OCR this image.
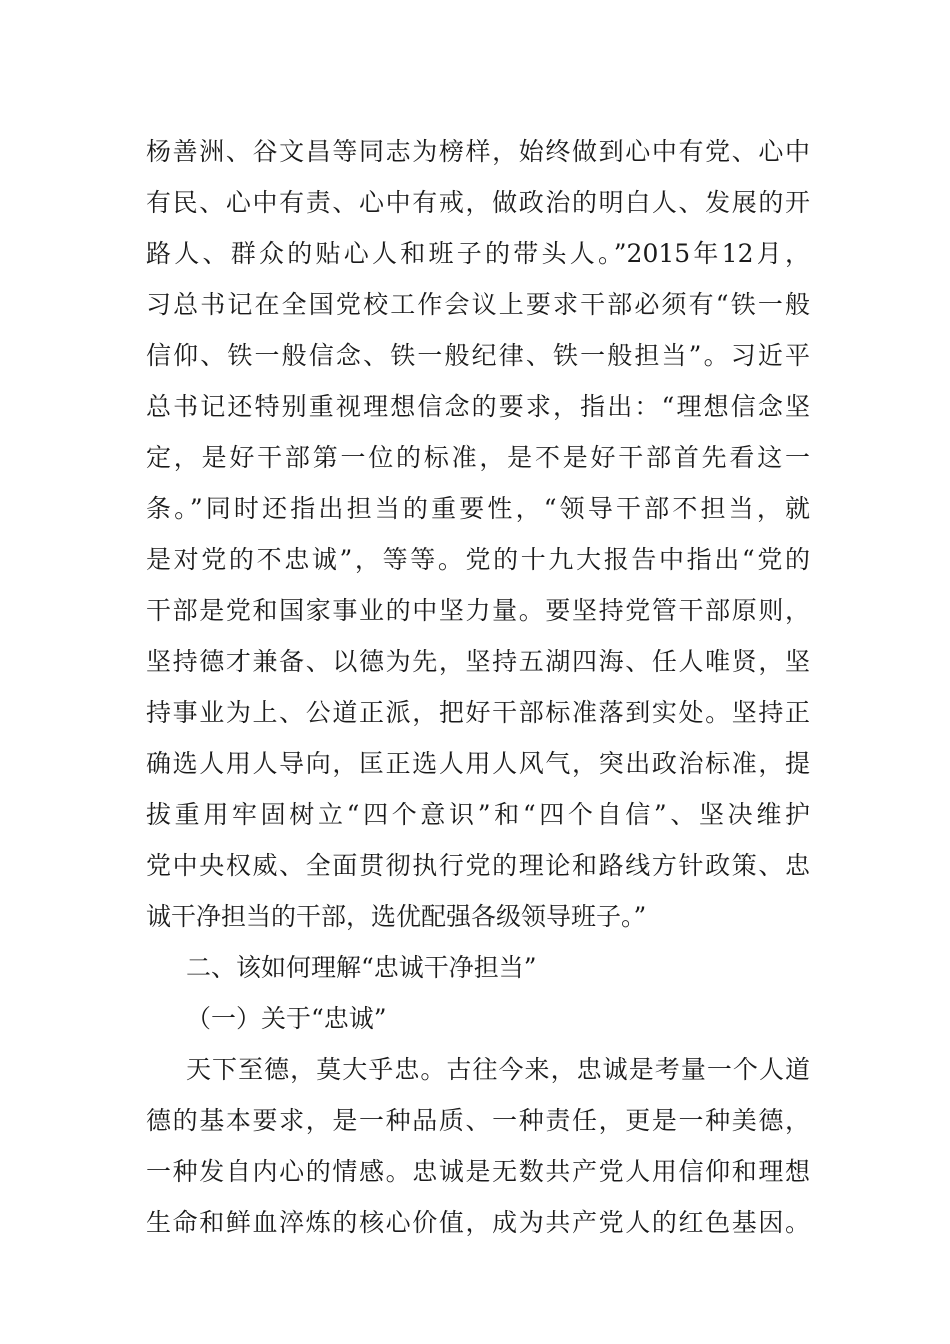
杨善洲、谷文昌等同志为榜样，始终做到心中有党、心中
有民、心中有责、心中有戒，做政治的明白人、发展的开
路人、群众的贴心人和班子的带头人。”2015年12月，
习总书记在全国党校工作会议上要求干部必须有“铁一般
信仰、铁一般信念、铁一般纪律、铁一般担当”。习近平
总书记还特别重视理想信念的要求，指出：“理想信念坚
定，是好干部第一位的标准，是不是好干部首先看这一
条。”同时还指出担当的重要性，“领导干部不担当，就
是对党的不忠诚”，等等。党的十九大报告中指出“党的
干部是党和国家事业的中坚力量。要坚持党管干部原则，
坚持德才兼备、以德为先，坚持五湖四海、任人唯贤，坚
持事业为上、公道正派，把好干部标准落到实处。坚持正
确选人用人导向，匡正选人用人风气，突出政治标准，提
拔重用牢固树立“四个意识”和“四个自信”、坚决维护
党中央权威、全面贯彻执行党的理论和路线方针政策、忠
诚干净担当的干部，选优配强各级领导班子。”
二、该如何理解“忠诚干净担当”
（一）关于“忠诚”
天下至德，莫大乎忠。古往今来，忠诚是考量一个人道
德的基本要求，是一种品质、一种责任，更是一种美德，
一种发自内心的情感。忠诚是无数共产党人用信仰和理想
生命和鲜血淬炼的核心价值，成为共产党人的红色基因。
